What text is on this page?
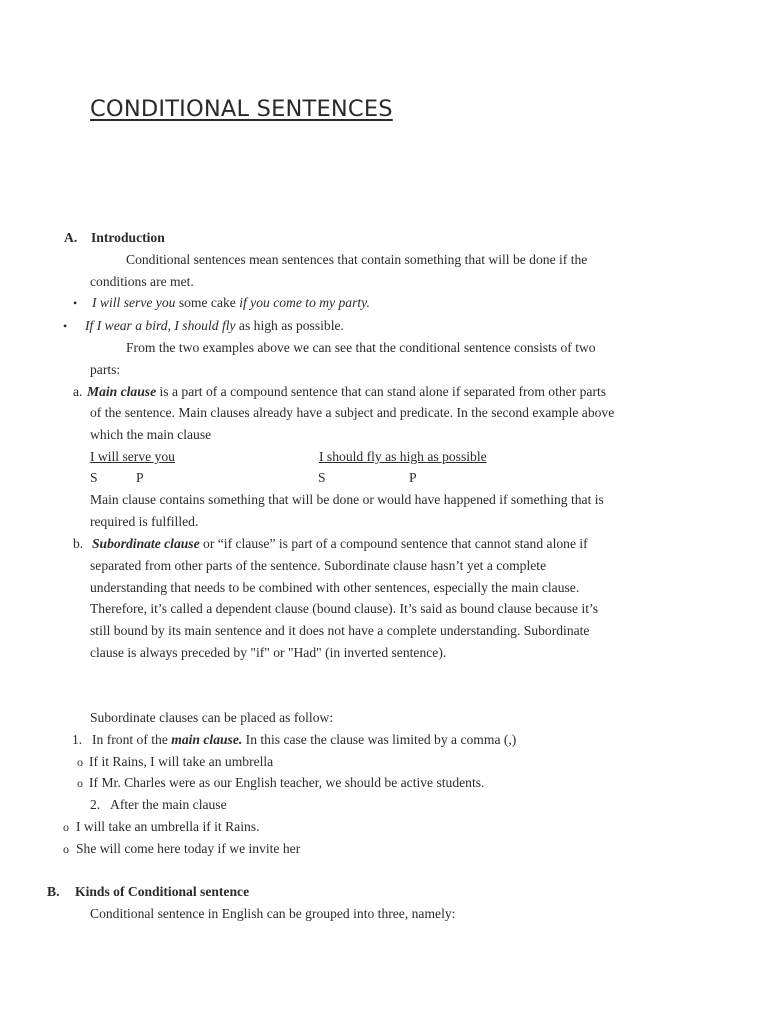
CONDITIONAL SENTENCES
A. Introduction
Conditional sentences mean sentences that contain something that will be done if the
conditions are met.
• I will serve you some cake if you come to my party.
• If I wear a bird, I should fly as high as possible.
From the two examples above we can see that the conditional sentence consists of two
parts:
a. Main clause is a part of a compound sentence that can stand alone if separated from other parts
of the sentence. Main clauses already have a subject and predicate. In the second example above
which the main clause
I will serve you	I should fly as high as possible
S	P	S	P
Main clause contains something that will be done or would have happened if something that is
required is fulfilled.
b. Subordinate clause or “if clause” is part of a compound sentence that cannot stand alone if
separated from other parts of the sentence. Subordinate clause hasn’t yet a complete
understanding that needs to be combined with other sentences, especially the main clause.
Therefore, it’s called a dependent clause (bound clause). It’s said as bound clause because it’s
still bound by its main sentence and it does not have a complete understanding. Subordinate
clause is always preceded by "if" or "Had" (in inverted sentence).
Subordinate clauses can be placed as follow:
1. In front of the main clause. In this case the clause was limited by a comma (,)
o If it Rains, I will take an umbrella
o If Mr. Charles were as our English teacher, we should be active students.
2. After the main clause
o I will take an umbrella if it Rains.
o She will come here today if we invite her
B. Kinds of Conditional sentence
Conditional sentence in English can be grouped into three, namely:
